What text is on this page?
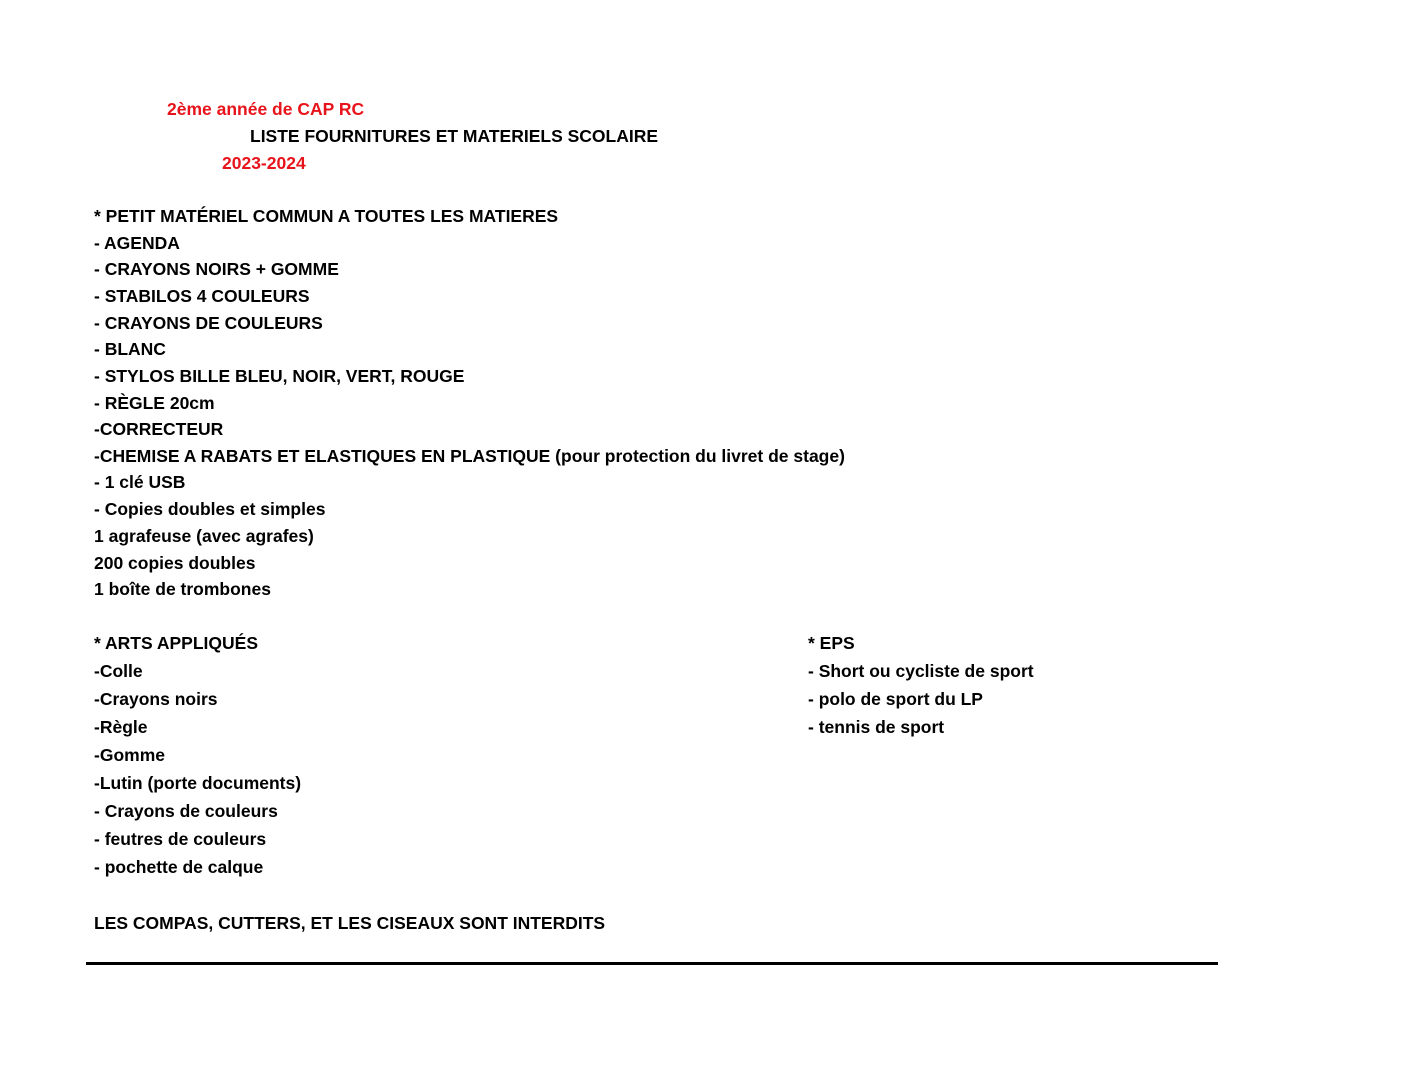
2ème année de CAP RC
LISTE FOURNITURES ET MATERIELS SCOLAIRE
2023-2024
* PETIT MATÉRIEL COMMUN A TOUTES LES MATIERES
- AGENDA
- CRAYONS NOIRS + GOMME
- STABILOS 4 COULEURS
- CRAYONS DE COULEURS
- BLANC
- STYLOS BILLE BLEU, NOIR, VERT, ROUGE
- RÈGLE 20cm
-CORRECTEUR
-CHEMISE A RABATS ET ELASTIQUES EN PLASTIQUE (pour protection du livret de stage)
- 1 clé USB
- Copies doubles et simples
1 agrafeuse (avec agrafes)
200 copies doubles
1 boîte de trombones
* ARTS APPLIQUÉS
-Colle
-Crayons noirs
-Règle
-Gomme
-Lutin (porte documents)
- Crayons de couleurs
- feutres de couleurs
- pochette de calque
* EPS
- Short ou cycliste de sport
- polo de sport du LP
- tennis de sport
LES COMPAS, CUTTERS, ET LES CISEAUX SONT INTERDITS
